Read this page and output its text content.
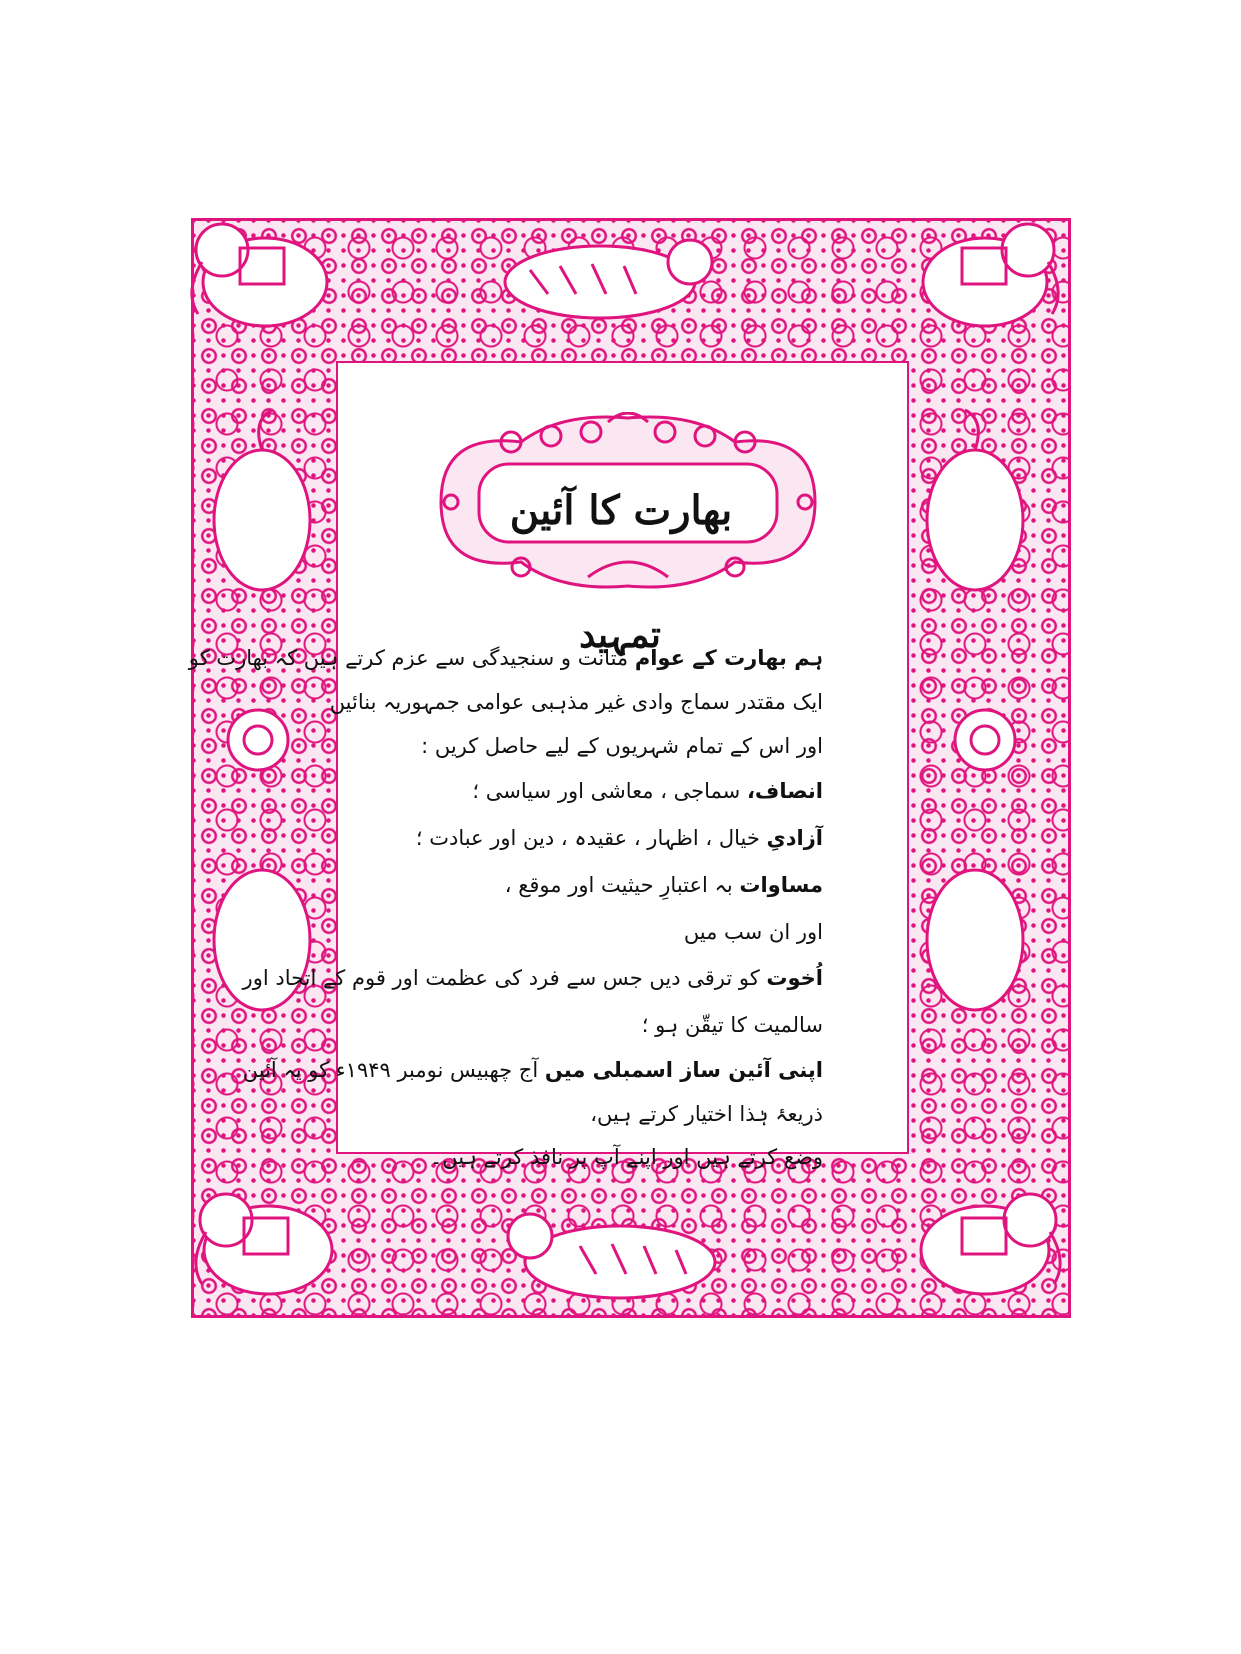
بھارت کا آئین
تمہید
ہم بھارت کے عوام متانت و سنجیدگی سے عزم کرتے ہیں کہ بھارت کو
ایک مقتدر سماج وادی غیر مذہبی عوامی جمہوریہ بنائیں
اور اس کے تمام شہریوں کے لیے حاصل کریں :
انصاف، سماجی ، معاشی اور سیاسی ؛
آزادیِ خیال ، اظہار ، عقیدہ ، دین اور عبادت ؛
مساوات بہ اعتبارِ حیثیت اور موقع ،
اور ان سب میں
اُخوت کو ترقی دیں جس سے فرد کی عظمت اور قوم کے اتحاد اور
سالمیت کا تیقّن ہو ؛
اپنی آئین ساز اسمبلی میں آج چھبیس نومبر ۱۹۴۹ء کو یہ آئین
ذریعۂ ہٰذا اختیار کرتے ہیں،
وضع کرتے ہیں اور اپنے آپ پر نافذ کرتے ہیں۔
